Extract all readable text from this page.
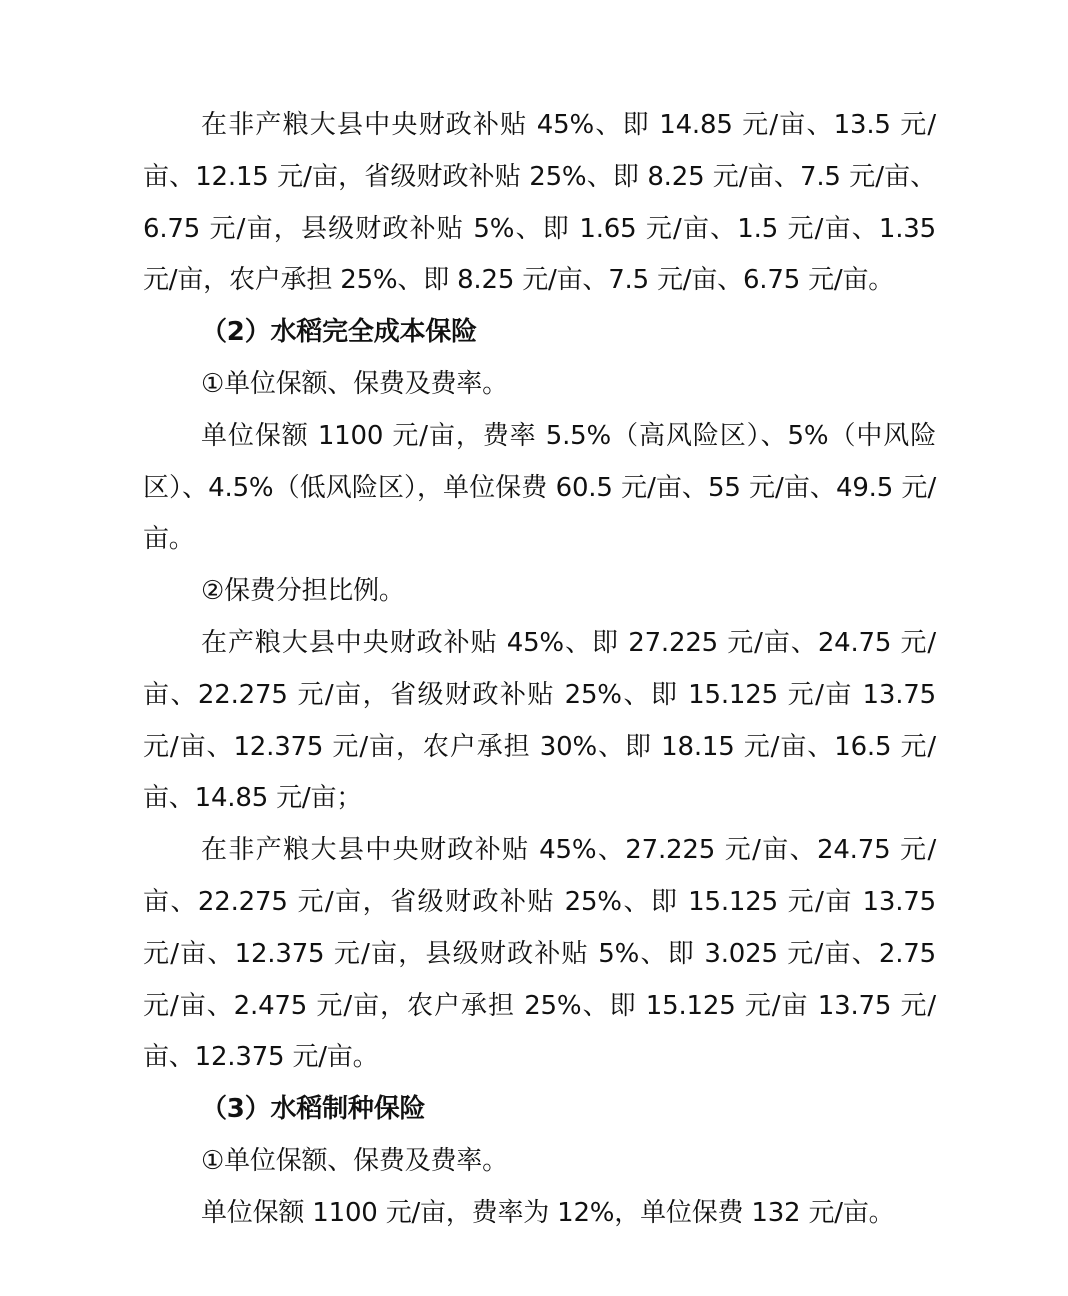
在非产粮大县中央财政补贴 45%、即 14.85 元/亩、13.5 元/亩、12.15 元/亩，省级财政补贴 25%、即 8.25 元/亩、7.5 元/亩、6.75 元/亩，县级财政补贴 5%、即 1.65 元/亩、1.5 元/亩、1.35 元/亩，农户承担 25%、即 8.25 元/亩、7.5 元/亩、6.75 元/亩。

（2）水稻完全成本保险

①单位保额、保费及费率。

单位保额 1100 元/亩，费率 5.5%（高风险区）、5%（中风险区）、4.5%（低风险区），单位保费 60.5 元/亩、55 元/亩、49.5 元/亩。

②保费分担比例。

在产粮大县中央财政补贴 45%、即 27.225 元/亩、24.75 元/亩、22.275 元/亩，省级财政补贴 25%、即 15.125 元/亩 13.75 元/亩、12.375 元/亩，农户承担 30%、即 18.15 元/亩、16.5 元/亩、14.85 元/亩；

在非产粮大县中央财政补贴 45%、27.225 元/亩、24.75 元/亩、22.275 元/亩，省级财政补贴 25%、即 15.125 元/亩 13.75 元/亩、12.375 元/亩，县级财政补贴 5%、即 3.025 元/亩、2.75 元/亩、2.475 元/亩，农户承担 25%、即 15.125 元/亩 13.75 元/亩、12.375 元/亩。

（3）水稻制种保险

①单位保额、保费及费率。

单位保额 1100 元/亩，费率为 12%，单位保费 132 元/亩。
